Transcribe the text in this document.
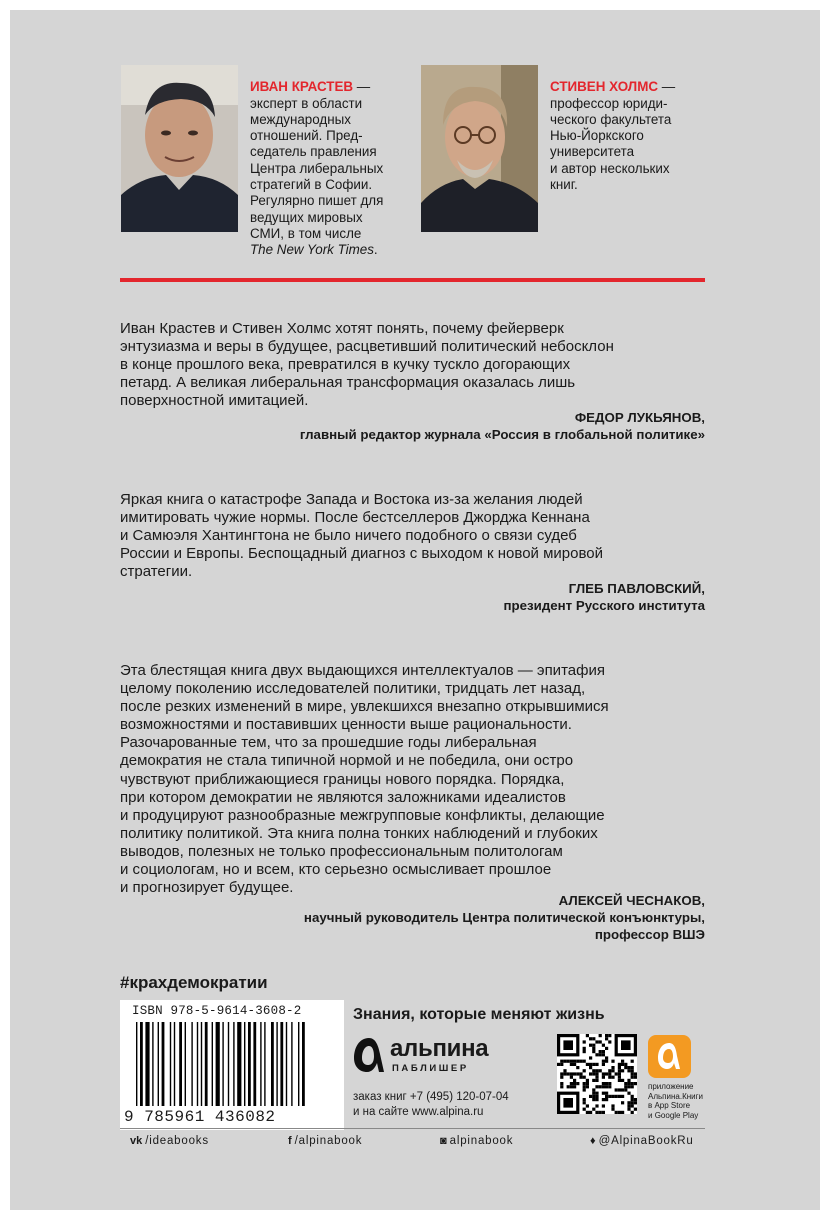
ИВАН КРАСТЕВ —
эксперт в области
международных
отношений. Пред-
седатель правления
Центра либеральных
стратегий в Софии.
Регулярно пишет для
ведущих мировых
СМИ, в том числе
The New York Times.

СТИВЕН ХОЛМС —
профессор юриди-
ческого факультета
Нью-Йоркского
университета
и автор нескольких
книг.

Иван Крастев и Стивен Холмс хотят понять, почему фейерверк
энтузиазма и веры в будущее, расцветивший политический небосклон
в конце прошлого века, превратился в кучку тускло догорающих
петард. А великая либеральная трансформация оказалась лишь
поверхностной имитацией.
ФЕДОР ЛУКЬЯНОВ,
главный редактор журнала «Россия в глобальной политике»
Яркая книга о катастрофе Запада и Востока из-за желания людей
имитировать чужие нормы. После бестселлеров Джорджа Кеннана
и Самюэля Хантингтона не было ничего подобного о связи судеб
России и Европы. Беспощадный диагноз с выходом к новой мировой
стратегии.
ГЛЕБ ПАВЛОВСКИЙ,
президент Русского института
Эта блестящая книга двух выдающихся интеллектуалов — эпитафия
целому поколению исследователей политики, тридцать лет назад,
после резких изменений в мире, увлекшихся внезапно открывшимися
возможностями и поставивших ценности выше рациональности.
Разочарованные тем, что за прошедшие годы либеральная
демократия не стала типичной нормой и не победила, они остро
чувствуют приближающиеся границы нового порядка. Порядка,
при котором демократии не являются заложниками идеалистов
и продуцируют разнообразные межгрупповые конфликты, делающие
политику политикой. Эта книга полна тонких наблюдений и глубоких
выводов, полезных не только профессиональным политологам
и социологам, но и всем, кто серьезно осмысливает прошлое
и прогнозирует будущее.
АЛЕКСЕЙ ЧЕСНАКОВ,
научный руководитель Центра политической конъюнктуры,
профессор ВШЭ
#крахдемократии
ISBN 978-5-9614-3608-2
9 785961 436082
Знания, которые меняют жизнь
альпина
ПАБЛИШЕР
заказ книг +7 (495) 120-07-04
и на сайте www.alpina.ru
приложение
Альпина.Книги
в App Store
и Google Play
vk /ideabooks	f /alpinabook	◙ alpinabook	♦ @AlpinaBookRu
